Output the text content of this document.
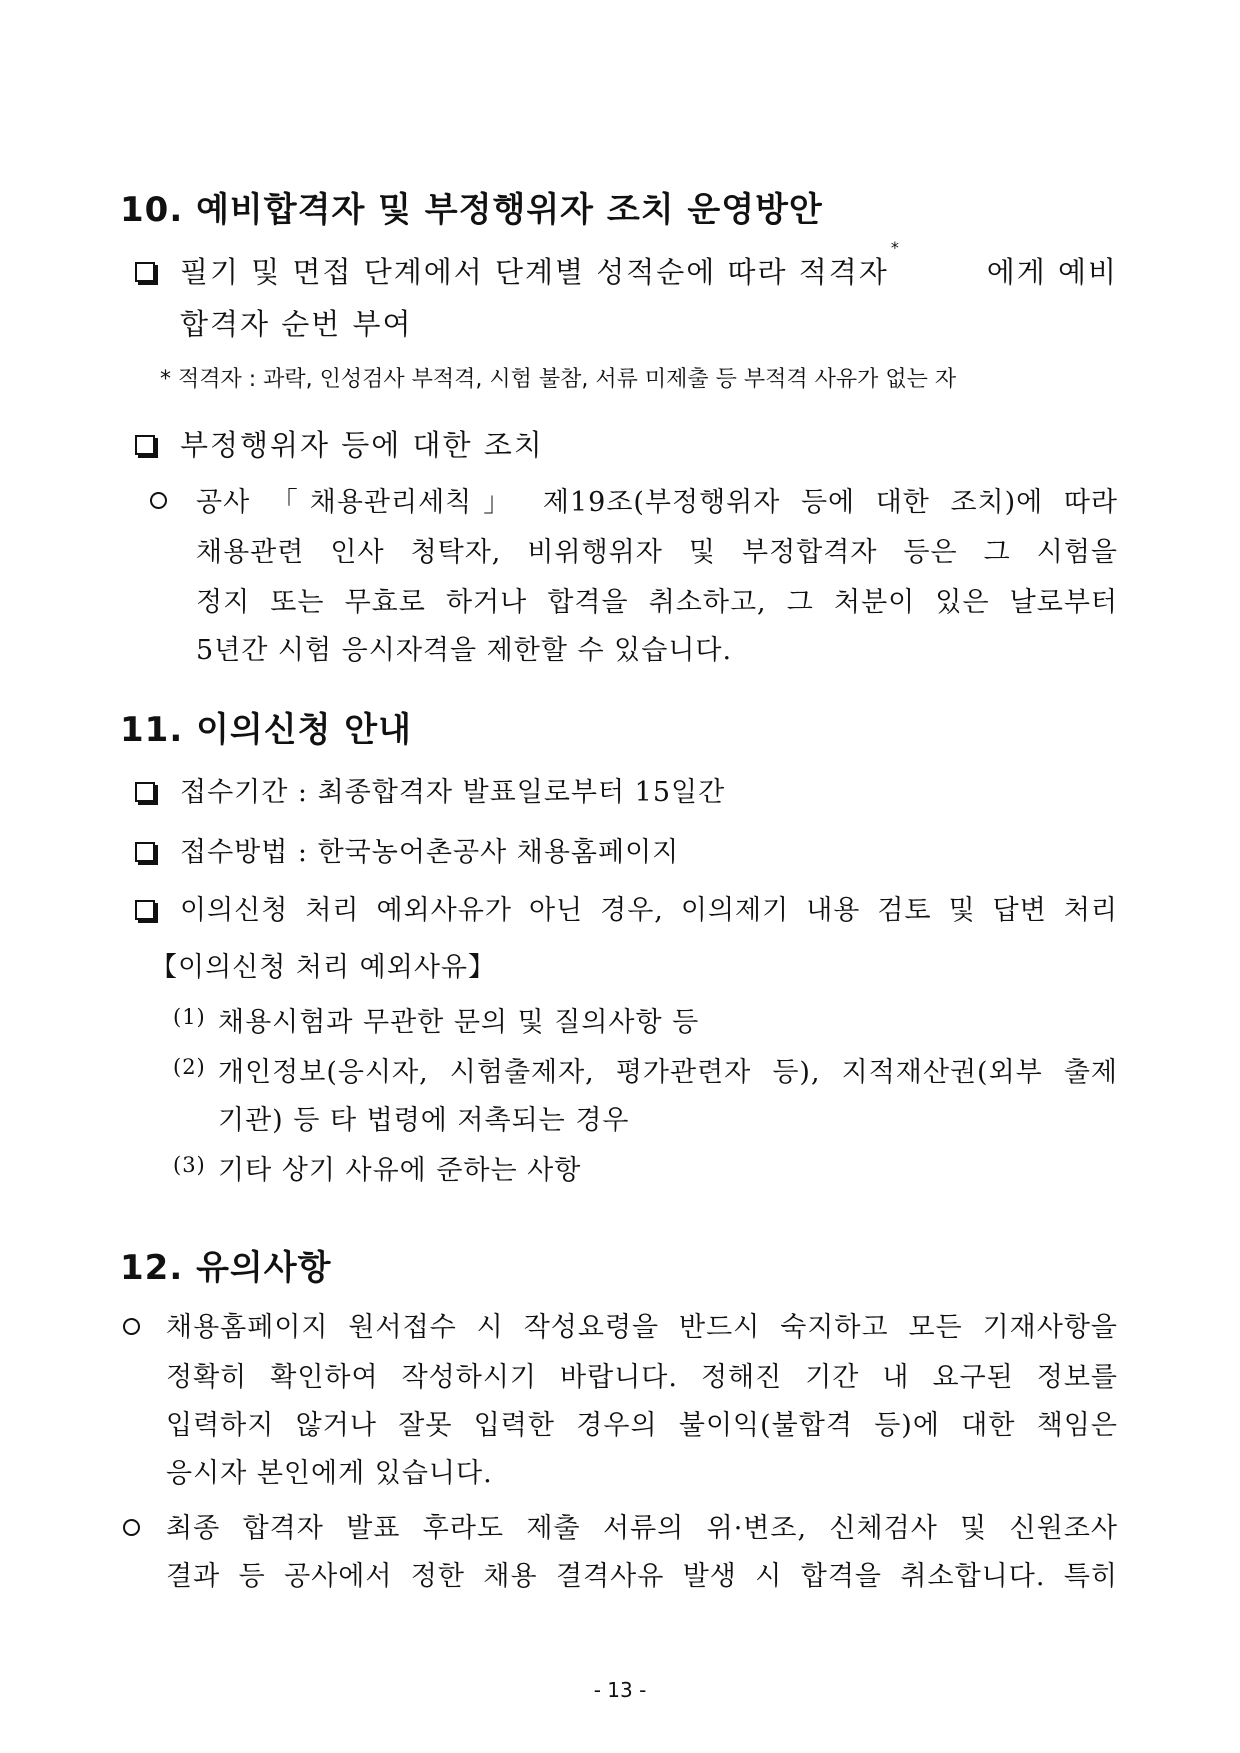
10. 예비합격자 및 부정행위자 조치 운영방안
필기 및 면접 단계에서 단계별 성적순에 따라 적격자
*
에게 예비
합격자 순번 부여
* 적격자 : 과락, 인성검사 부적격, 시험 불참, 서류 미제출 등 부적격 사유가 없는 자
부정행위자 등에 대한 조치
공사 「채용관리세칙」 제19조(부정행위자 등에 대한 조치)에 따라
채용관련 인사 청탁자, 비위행위자 및 부정합격자 등은 그 시험을
정지 또는 무효로 하거나 합격을 취소하고, 그 처분이 있은 날로부터
5년간 시험 응시자격을 제한할 수 있습니다.
11. 이의신청 안내
접수기간 : 최종합격자 발표일로부터 15일간
접수방법 : 한국농어촌공사 채용홈페이지
이의신청 처리 예외사유가 아닌 경우, 이의제기 내용 검토 및 답변 처리
【이의신청 처리 예외사유】
(1) 채용시험과 무관한 문의 및 질의사항 등
(2) 개인정보(응시자, 시험출제자, 평가관련자 등), 지적재산권(외부 출제
기관) 등 타 법령에 저촉되는 경우
(3) 기타 상기 사유에 준하는 사항
12. 유의사항
채용홈페이지 원서접수 시 작성요령을 반드시 숙지하고 모든 기재사항을
정확히 확인하여 작성하시기 바랍니다. 정해진 기간 내 요구된 정보를
입력하지 않거나 잘못 입력한 경우의 불이익(불합격 등)에 대한 책임은
응시자 본인에게 있습니다.
최종 합격자 발표 후라도 제출 서류의 위·변조, 신체검사 및 신원조사
결과 등 공사에서 정한 채용 결격사유 발생 시 합격을 취소합니다. 특히
- 13 -
